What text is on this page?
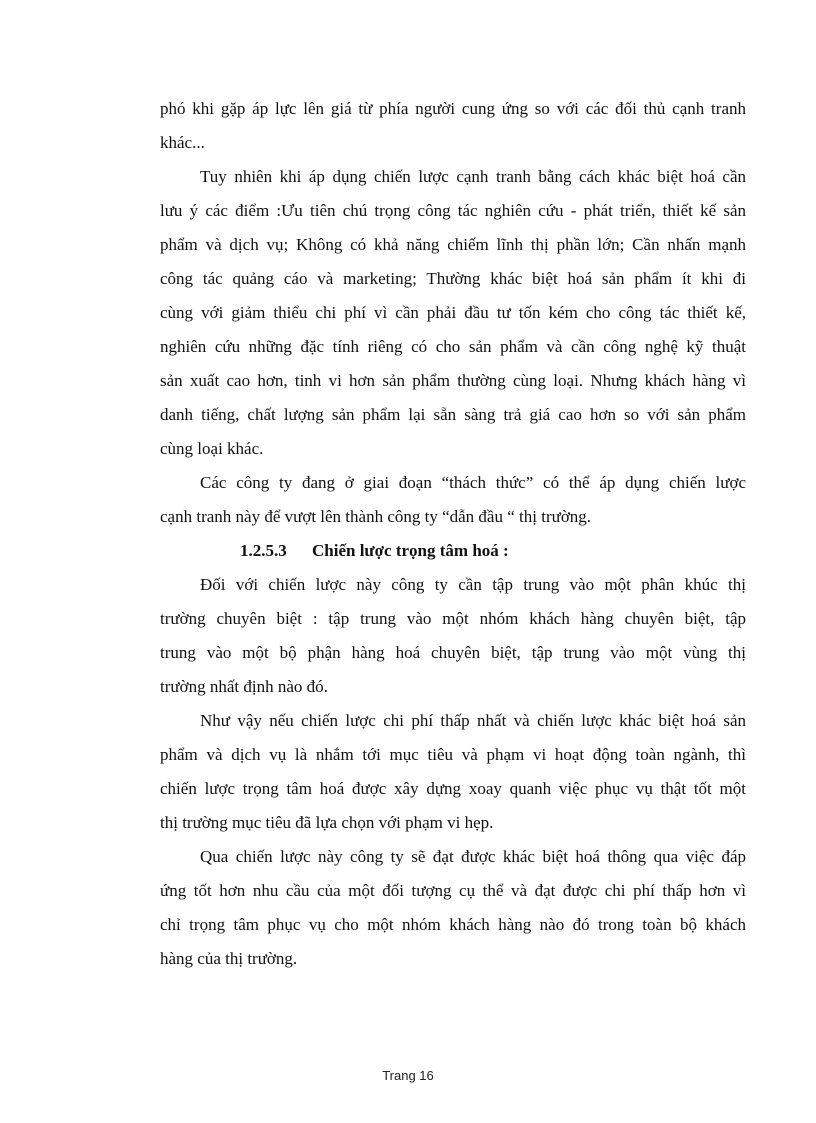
phó khi gặp áp lực lên giá từ phía người cung ứng so với các đối thủ cạnh tranh
khác...
Tuy nhiên khi áp dụng chiến lược cạnh tranh bằng cách khác biệt hoá cần
lưu ý các điểm :Ưu tiên chú trọng công tác nghiên cứu - phát triển, thiết kế sản
phẩm và dịch vụ; Không có khả năng chiếm lĩnh thị phần lớn; Cần nhấn mạnh
công tác quảng cáo và marketing; Thường khác biệt hoá sản phẩm ít khi đi
cùng với giảm thiểu chi phí vì cần phải đầu tư tốn kém cho công tác thiết kế,
nghiên cứu những đặc tính riêng có cho sản phẩm và cần công nghệ kỹ thuật
sản xuất cao hơn, tinh vi hơn sản phẩm thường cùng loại. Nhưng khách hàng vì
danh tiếng, chất lượng sản phẩm lại sẵn sàng trả giá cao hơn so với sản phẩm
cùng loại khác.
Các công ty đang ở giai đoạn “thách thức” có thể áp dụng chiến lược
cạnh tranh này để vượt lên thành công ty “dẫn đầu “ thị trường.
1.2.5.3 Chiến lược trọng tâm hoá :
Đối với chiến lược này công ty cần tập trung vào một phân khúc thị
trường chuyên biệt : tập trung vào một nhóm khách hàng chuyên biệt, tập
trung vào một bộ phận hàng hoá chuyên biệt, tập trung vào một vùng thị
trường nhất định nào đó.
Như vậy nếu chiến lược chi phí thấp nhất và chiến lược khác biệt hoá sản
phẩm và dịch vụ là nhắm tới mục tiêu và phạm vi hoạt động toàn ngành, thì
chiến lược trọng tâm hoá được xây dựng xoay quanh việc phục vụ thật tốt một
thị trường mục tiêu đã lựa chọn với phạm vi hẹp.
Qua chiến lược này công ty sẽ đạt được khác biệt hoá thông qua việc đáp
ứng tốt hơn nhu cầu của một đối tượng cụ thể và đạt được chi phí thấp hơn vì
chỉ trọng tâm phục vụ cho một nhóm khách hàng nào đó trong toàn bộ khách
hàng của thị trường.
Trang 16
